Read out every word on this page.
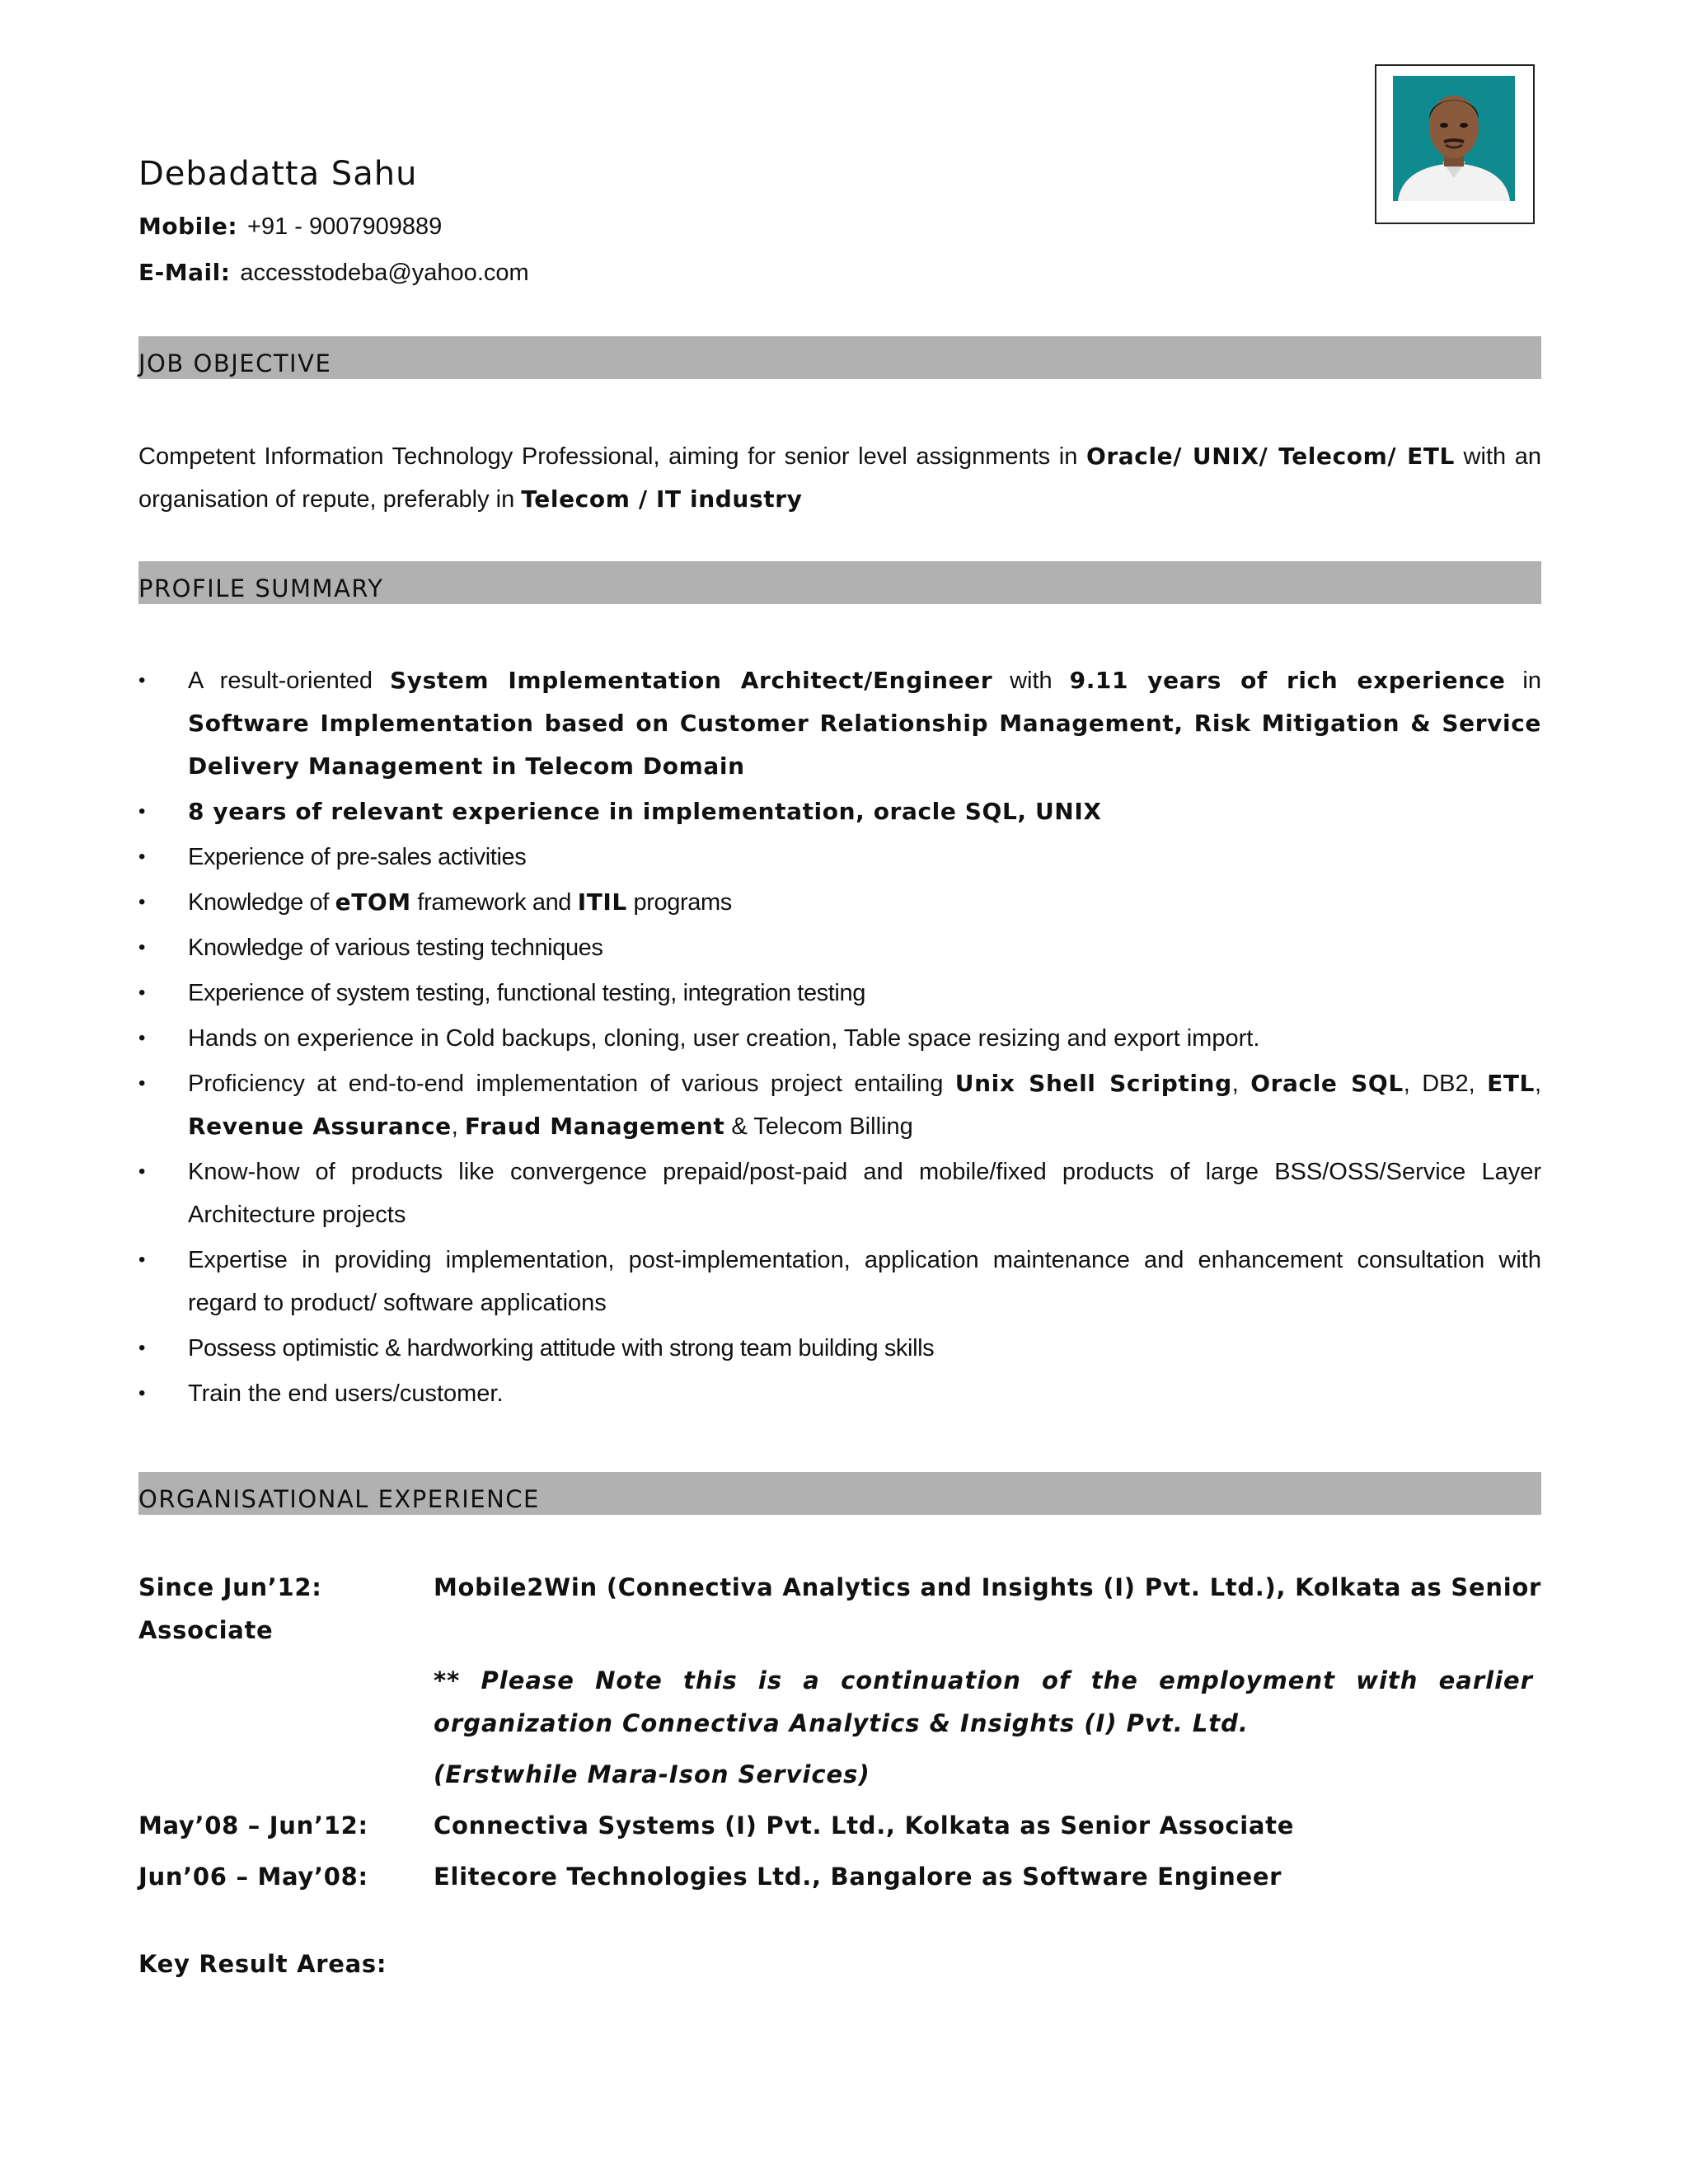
Debadatta Sahu
Mobile: +91 - 9007909889
E-Mail: accesstodeba@yahoo.com
JOB OBJECTIVE
Competent Information Technology Professional, aiming for senior level assignments in Oracle/ UNIX/ Telecom/ ETL with an organisation of repute, preferably in Telecom / IT industry
PROFILE SUMMARY
• A result-oriented System Implementation Architect/Engineer with 9.11 years of rich experience in Software Implementation based on Customer Relationship Management, Risk Mitigation & Service Delivery Management in Telecom Domain
• 8 years of relevant experience in implementation, oracle SQL, UNIX
• Experience of pre-sales activities
• Knowledge of eTOM framework and ITIL programs
• Knowledge of various testing techniques
• Experience of system testing, functional testing, integration testing
• Hands on experience in Cold backups, cloning, user creation, Table space resizing and export import.
• Proficiency at end-to-end implementation of various project entailing Unix Shell Scripting, Oracle SQL, DB2, ETL, Revenue Assurance, Fraud Management & Telecom Billing
• Know-how of products like convergence prepaid/post-paid and mobile/fixed products of large BSS/OSS/Service Layer Architecture projects
• Expertise in providing implementation, post-implementation, application maintenance and enhancement consultation with regard to product/ software applications
• Possess optimistic & hardworking attitude with strong team building skills
• Train the end users/customer.
ORGANISATIONAL EXPERIENCE
Since Jun’12:	Mobile2Win (Connectiva Analytics and Insights (I) Pvt. Ltd.), Kolkata as Senior
Associate
** Please Note this is a continuation of the employment with earlier organization Connectiva Analytics & Insights (I) Pvt. Ltd.
(Erstwhile Mara-Ison Services)
May’08 – Jun’12:	Connectiva Systems (I) Pvt. Ltd., Kolkata as Senior Associate
Jun’06 – May’08:	Elitecore Technologies Ltd., Bangalore as Software Engineer
Key Result Areas:
